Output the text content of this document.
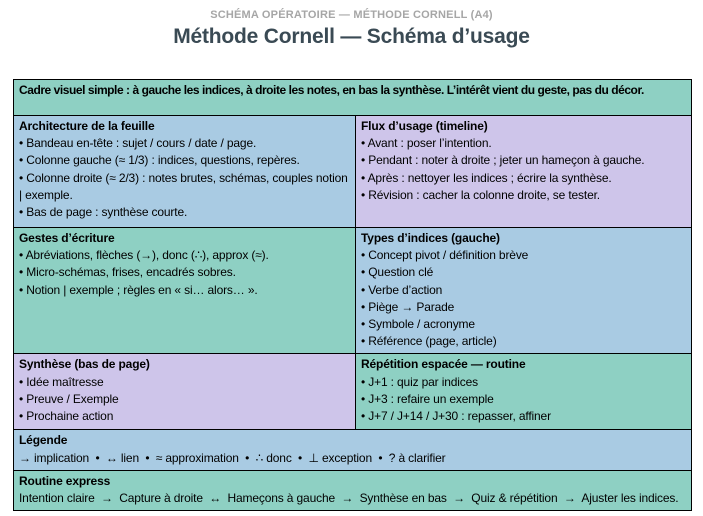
SCHÉMA OPÉRATOIRE — MÉTHODE CORNELL (A4)
Méthode Cornell — Schéma d’usage
Cadre visuel simple : à gauche les indices, à droite les notes, en bas la synthèse. L’intérêt vient du geste, pas du décor.
Architecture de la feuille
• Bandeau en-tête : sujet / cours / date / page.
• Colonne gauche (≈ 1/3) : indices, questions, repères.
• Colonne droite (≈ 2/3) : notes brutes, schémas, couples notion | exemple.
• Bas de page : synthèse courte.
Flux d’usage (timeline)
• Avant : poser l’intention.
• Pendant : noter à droite ; jeter un hameçon à gauche.
• Après : nettoyer les indices ; écrire la synthèse.
• Révision : cacher la colonne droite, se tester.
Gestes d’écriture
• Abréviations, flèches (→), donc (∴), approx (≈).
• Micro-schémas, frises, encadrés sobres.
• Notion | exemple ; règles en « si… alors… ».
Types d’indices (gauche)
• Concept pivot / définition brève
• Question clé
• Verbe d’action
• Piège → Parade
• Symbole / acronyme
• Référence (page, article)
Synthèse (bas de page)
• Idée maîtresse
• Preuve / Exemple
• Prochaine action
Répétition espacée — routine
• J+1 : quiz par indices
• J+3 : refaire un exemple
• J+7 / J+14 / J+30 : repasser, affiner
Légende
→ implication  •  ↔ lien  •  ≈ approximation  •  ∴ donc  •  ⊥ exception  •  ? à clarifier
Routine express
Intention claire  →  Capture à droite  ↔  Hameçons à gauche  →  Synthèse en bas  →  Quiz & répétition  →  Ajuster les indices.
